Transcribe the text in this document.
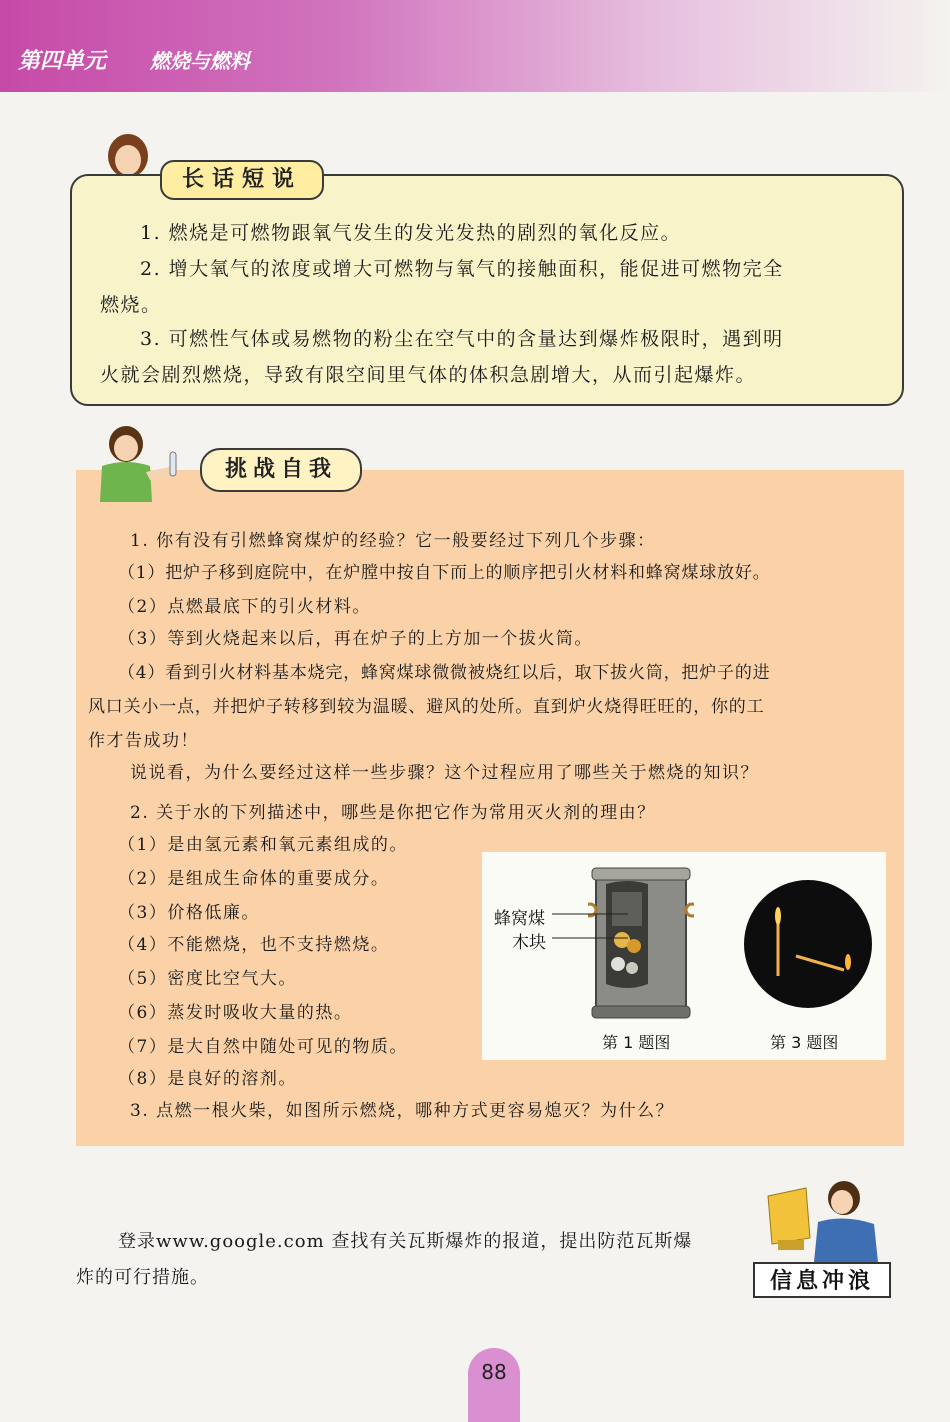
第四单元 燃烧与燃料
长话短说
1. 燃烧是可燃物跟氧气发生的发光发热的剧烈的氧化反应。
2. 增大氧气的浓度或增大可燃物与氧气的接触面积，能促进可燃物完全
燃烧。
3. 可燃性气体或易燃物的粉尘在空气中的含量达到爆炸极限时，遇到明
火就会剧烈燃烧，导致有限空间里气体的体积急剧增大，从而引起爆炸。
挑战自我
1. 你有没有引燃蜂窝煤炉的经验？它一般要经过下列几个步骤：
（1）把炉子移到庭院中，在炉膛中按自下而上的顺序把引火材料和蜂窝煤球放好。
（2）点燃最底下的引火材料。
（3）等到火烧起来以后，再在炉子的上方加一个拔火筒。
（4）看到引火材料基本烧完，蜂窝煤球微微被烧红以后，取下拔火筒，把炉子的进
风口关小一点，并把炉子转移到较为温暖、避风的处所。直到炉火烧得旺旺的，你的工
作才告成功！
说说看，为什么要经过这样一些步骤？这个过程应用了哪些关于燃烧的知识？
2. 关于水的下列描述中，哪些是你把它作为常用灭火剂的理由？
（1）是由氢元素和氧元素组成的。
（2）是组成生命体的重要成分。
（3）价格低廉。
（4）不能燃烧，也不支持燃烧。
（5）密度比空气大。
（6）蒸发时吸收大量的热。
（7）是大自然中随处可见的物质。
（8）是良好的溶剂。
3. 点燃一根火柴，如图所示燃烧，哪种方式更容易熄灭？为什么？
蜂窝煤
木块
第 1 题图	第 3 题图
登录www.google.com 查找有关瓦斯爆炸的报道，提出防范瓦斯爆
炸的可行措施。	信息冲浪
88
